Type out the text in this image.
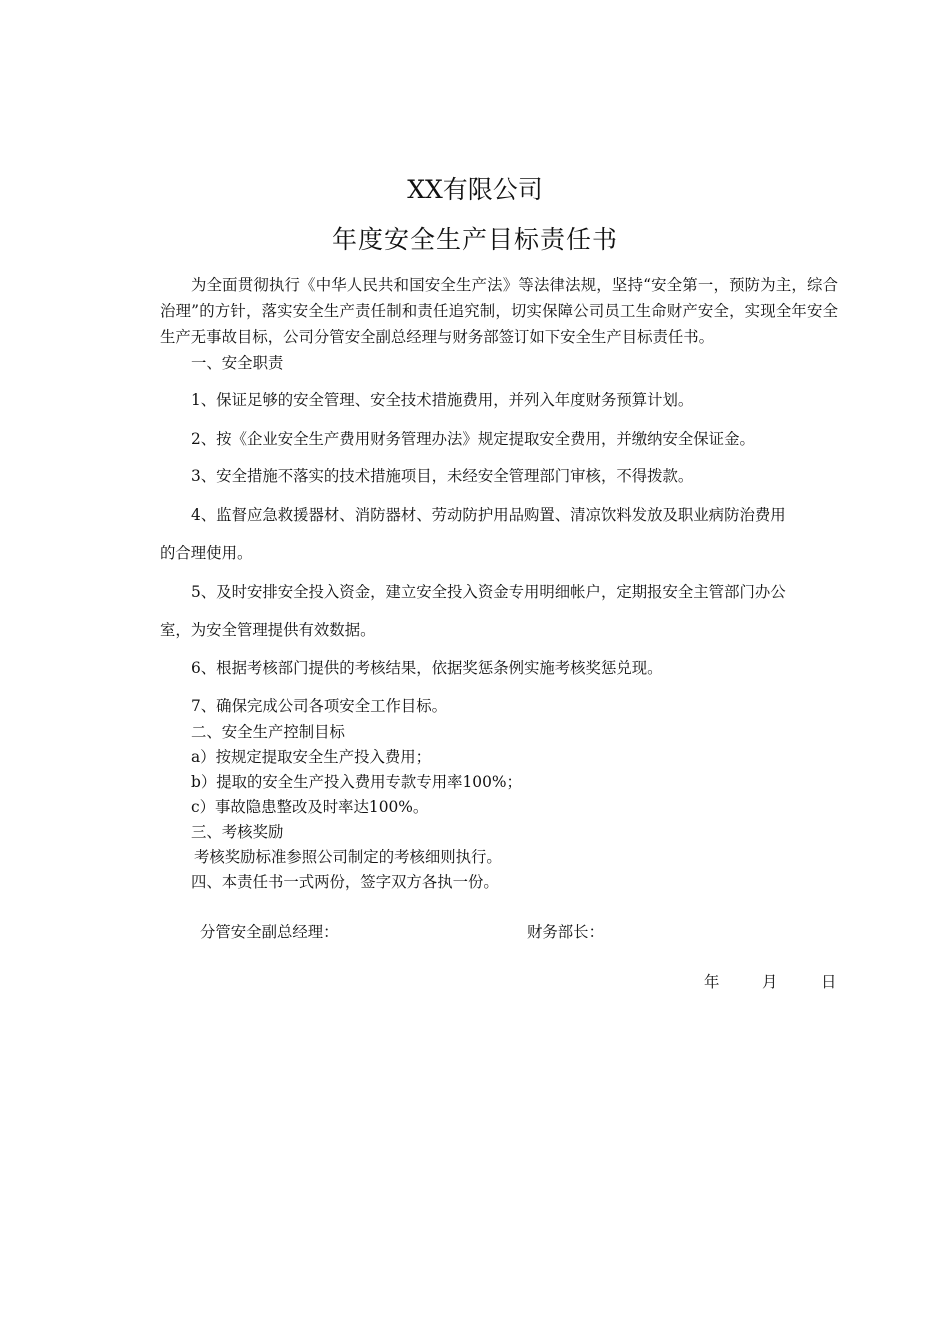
XX有限公司
年度安全生产目标责任书
为全面贯彻执行《中华人民共和国安全生产法》等法律法规，坚持“安全第一，预防为主，综合治理”的方针，落实安全生产责任制和责任追究制，切实保障公司员工生命财产安全，实现全年安全生产无事故目标，公司分管安全副总经理与财务部签订如下安全生产目标责任书。
一、安全职责
1、保证足够的安全管理、安全技术措施费用，并列入年度财务预算计划。
2、按《企业安全生产费用财务管理办法》规定提取安全费用，并缴纳安全保证金。
3、安全措施不落实的技术措施项目，未经安全管理部门审核，不得拨款。
4、监督应急救援器材、消防器材、劳动防护用品购置、清凉饮料发放及职业病防治费用
的合理使用。
5、及时安排安全投入资金，建立安全投入资金专用明细帐户，定期报安全主管部门办公
室，为安全管理提供有效数据。
6、根据考核部门提供的考核结果，依据奖惩条例实施考核奖惩兑现。
7、确保完成公司各项安全工作目标。
二、安全生产控制目标
a）按规定提取安全生产投入费用；
b）提取的安全生产投入费用专款专用率100%；
c）事故隐患整改及时率达100%。
三、考核奖励
考核奖励标准参照公司制定的考核细则执行。
四、本责任书一式两份，签字双方各执一份。
分管安全副总经理：	财务部长：
年	月	日
